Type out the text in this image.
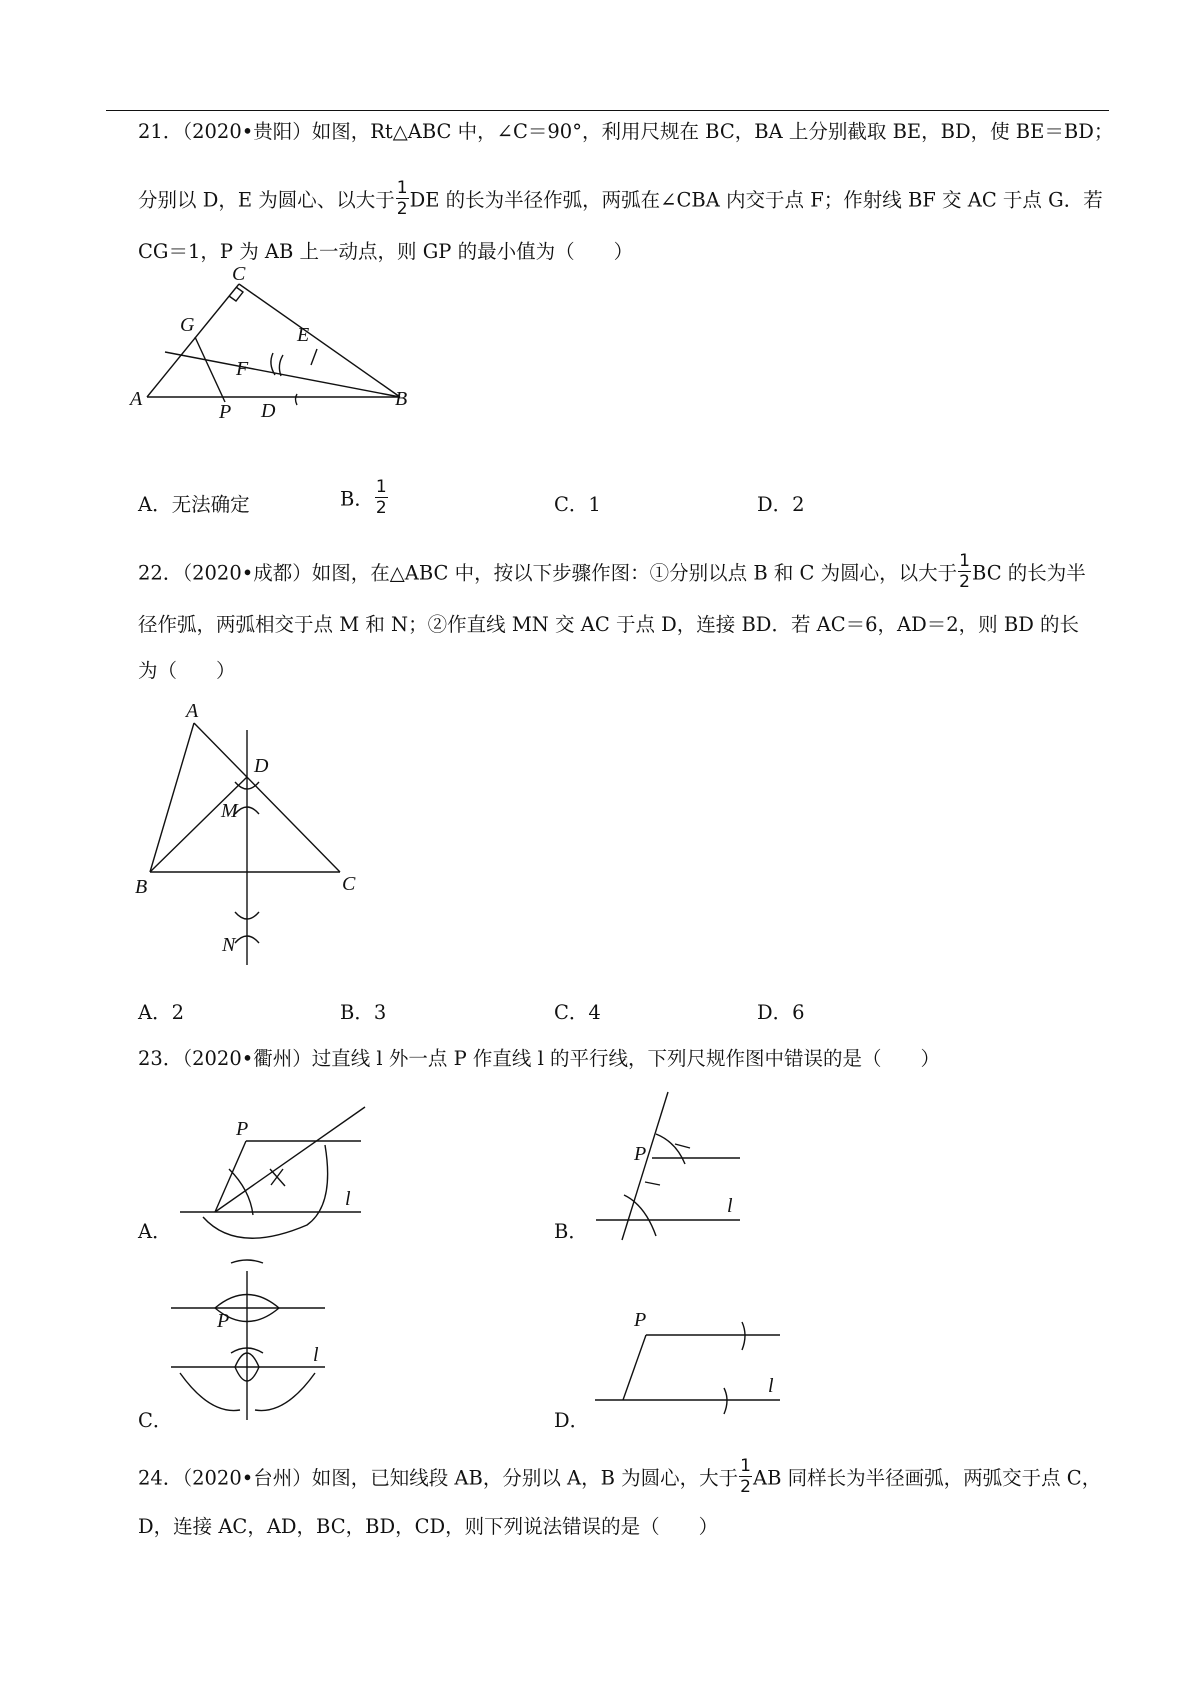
21．（2020•贵阳）如图，Rt△ABC 中，∠C＝90°，利用尺规在 BC，BA 上分别截取 BE，BD，使 BE＝BD；
分别以 D，E 为圆心、以大于 $\frac{1}{2}$ DE 的长为半径作弧，两弧在∠CBA 内交于点 F；作射线 BF 交 AC 于点 G．若
CG＝1，P 为 AB 上一动点，则 GP 的最小值为（　　）
C
G	E
F
A
P D
B
A．无法确定	B． $\frac{1}{2}$	C．1	D．2
22．（2020•成都）如图，在△ABC 中，按以下步骤作图：①分别以点 B 和 C 为圆心，以大于 $\frac{1}{2}$ BC 的长为半
径作弧，两弧相交于点 M 和 N；②作直线 MN 交 AC 于点 D，连接 BD．若 AC＝6，AD＝2，则 BD 的长
为（　　）
A
D
M
B	C
N
A．2	B．3	C．4	D．6
23．（2020•衢州）过直线 l 外一点 P 作直线 l 的平行线，下列尺规作图中错误的是（　　）
A．
P
l
B．
P
l
C．
P
l
D．
P
l
24．（2020•台州）如图，已知线段 AB，分别以 A，B 为圆心，大于 $\frac{1}{2}$ AB 同样长为半径画弧，两弧交于点 C，
D，连接 AC，AD，BC，BD，CD，则下列说法错误的是（　　）
